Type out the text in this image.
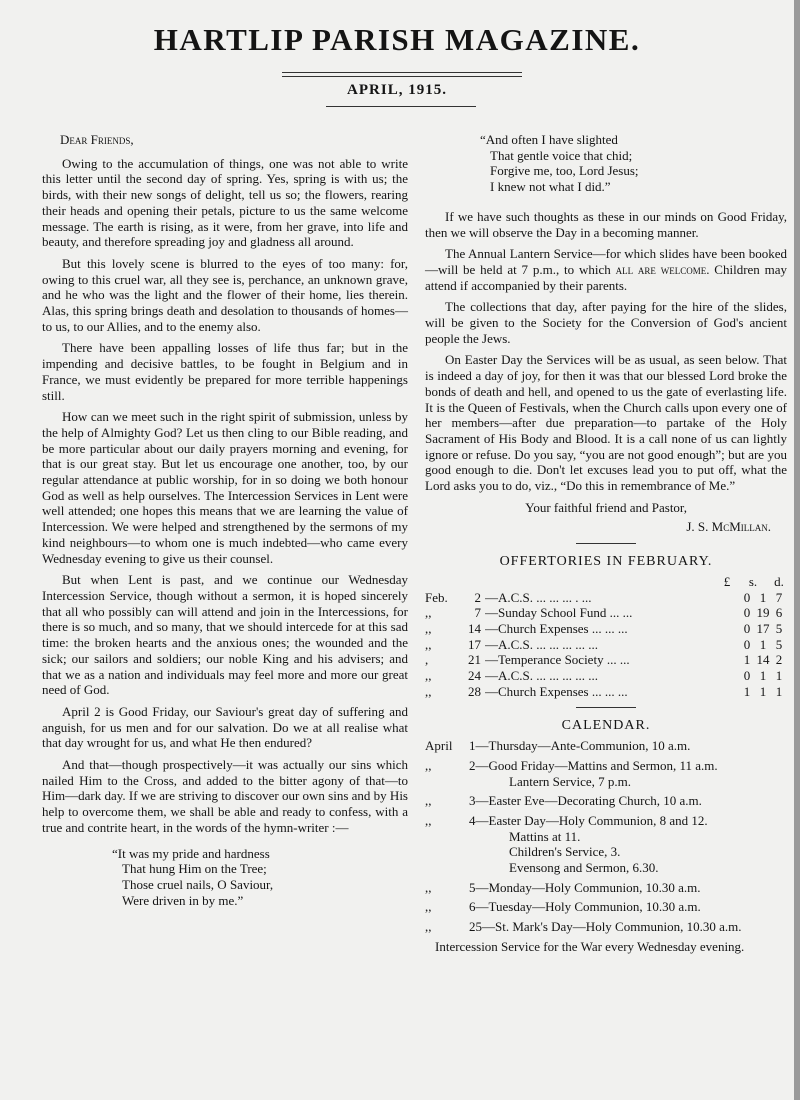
HARTLIP PARISH MAGAZINE.
APRIL, 1915.

Dear Friends,

Owing to the accumulation of things, one was not able to write this letter until the second day of spring. Yes, spring is with us; the birds, with their new songs of delight, tell us so; the flowers, rearing their heads and opening their petals, picture to us the same welcome message. The earth is rising, as it were, from her grave, into life and beauty, and therefore spreading joy and gladness all around.

But this lovely scene is blurred to the eyes of too many: for, owing to this cruel war, all they see is, perchance, an unknown grave, and he who was the light and the flower of their home, lies therein. Alas, this spring brings death and desolation to thousands of homes—to us, to our Allies, and to the enemy also.

There have been appalling losses of life thus far; but in the impending and decisive battles, to be fought in Belgium and in France, we must evidently be prepared for more terrible happenings still.

How can we meet such in the right spirit of submission, unless by the help of Almighty God? Let us then cling to our Bible reading, and be more particular about our daily prayers morning and evening, for that is our great stay. But let us encourage one another, too, by our regular attendance at public worship, for in so doing we both honour God as well as help ourselves. The Intercession Services in Lent were well attended; one hopes this means that we are learning the value of Intercession. We were helped and strengthened by the sermons of my kind neighbours—to whom one is much indebted—who came every Wednesday evening to give us their counsel.

But when Lent is past, and we continue our Wednesday Intercession Service, though without a sermon, it is hoped sincerely that all who possibly can will attend and join in the Intercessions, for there is so much, and so many, that we should intercede for at this sad time: the broken hearts and the anxious ones; the wounded and the sick; our sailors and soldiers; our noble King and his advisers; and that we as a nation and individuals may feel more and more our great need of God.

April 2 is Good Friday, our Saviour's great day of suffering and anguish, for us men and for our salvation. Do we at all realise what that day wrought for us, and what He then endured?

And that—though prospectively—it was actually our sins which nailed Him to the Cross, and added to the bitter agony of that—to Him—dark day. If we are striving to discover our own sins and by His help to overcome them, we shall be able and ready to confess, with a true and contrite heart, in the words of the hymn-writer :—

“It was my pride and hardness
That hung Him on the Tree;
Those cruel nails, O Saviour,
Were driven in by me.”
“And often I have slighted
That gentle voice that chid;
Forgive me, too, Lord Jesus;
I knew not what I did.”

If we have such thoughts as these in our minds on Good Friday, then we will observe the Day in a becoming manner.

The Annual Lantern Service—for which slides have been booked—will be held at 7 p.m., to which all are welcome. Children may attend if accompanied by their parents.

The collections that day, after paying for the hire of the slides, will be given to the Society for the Conversion of God's ancient people the Jews.

On Easter Day the Services will be as usual, as seen below. That is indeed a day of joy, for then it was that our blessed Lord broke the bonds of death and hell, and opened to us the gate of everlasting life. It is the Queen of Festivals, when the Church calls upon every one of her members—after due preparation—to partake of the Holy Sacrament of His Body and Blood. It is a call none of us can lightly ignore or refuse. Do you say, “you are not good enough”; but are you good enough to die. Don't let excuses lead you to put off, what the Lord asks you to do, viz., “Do this in remembrance of Me.”

Your faithful friend and Pastor,
J. S. McMillan.
OFFERTORIES IN FEBRUARY.
£	s. d.
Feb.	2 —A.C.S. ... ... ... . ...	0 1 7
,,	7 —Sunday School Fund ... ...	0 19 6
,,	14 —Church Expenses ... ... ...	0 17 5
,,	17 —A.C.S. ... ... ... ... ...	0 1 5
,	21 —Temperance Society ... ...	1 14 2
,,	24 —A.C.S. ... ... ... ... ...	0 1 1
,,	28 —Church Expenses ... ... ...	1 1 1
CALENDAR.
April	1—Thursday—Ante-Communion, 10 a.m.
,,	2—Good Friday—Mattins and Sermon, 11 a.m.
Lantern Service, 7 p.m.
,,	3—Easter Eve—Decorating Church, 10 a.m.
,,	4—Easter Day—Holy Communion, 8 and 12.
Mattins at 11.
Children's Service, 3.
Evensong and Sermon, 6.30.
,,	5—Monday—Holy Communion, 10.30 a.m.
,,	6—Tuesday—Holy Communion, 10.30 a.m.
,,	25—St. Mark's Day—Holy Communion, 10.30 a.m.

Intercession Service for the War every Wednesday evening.
